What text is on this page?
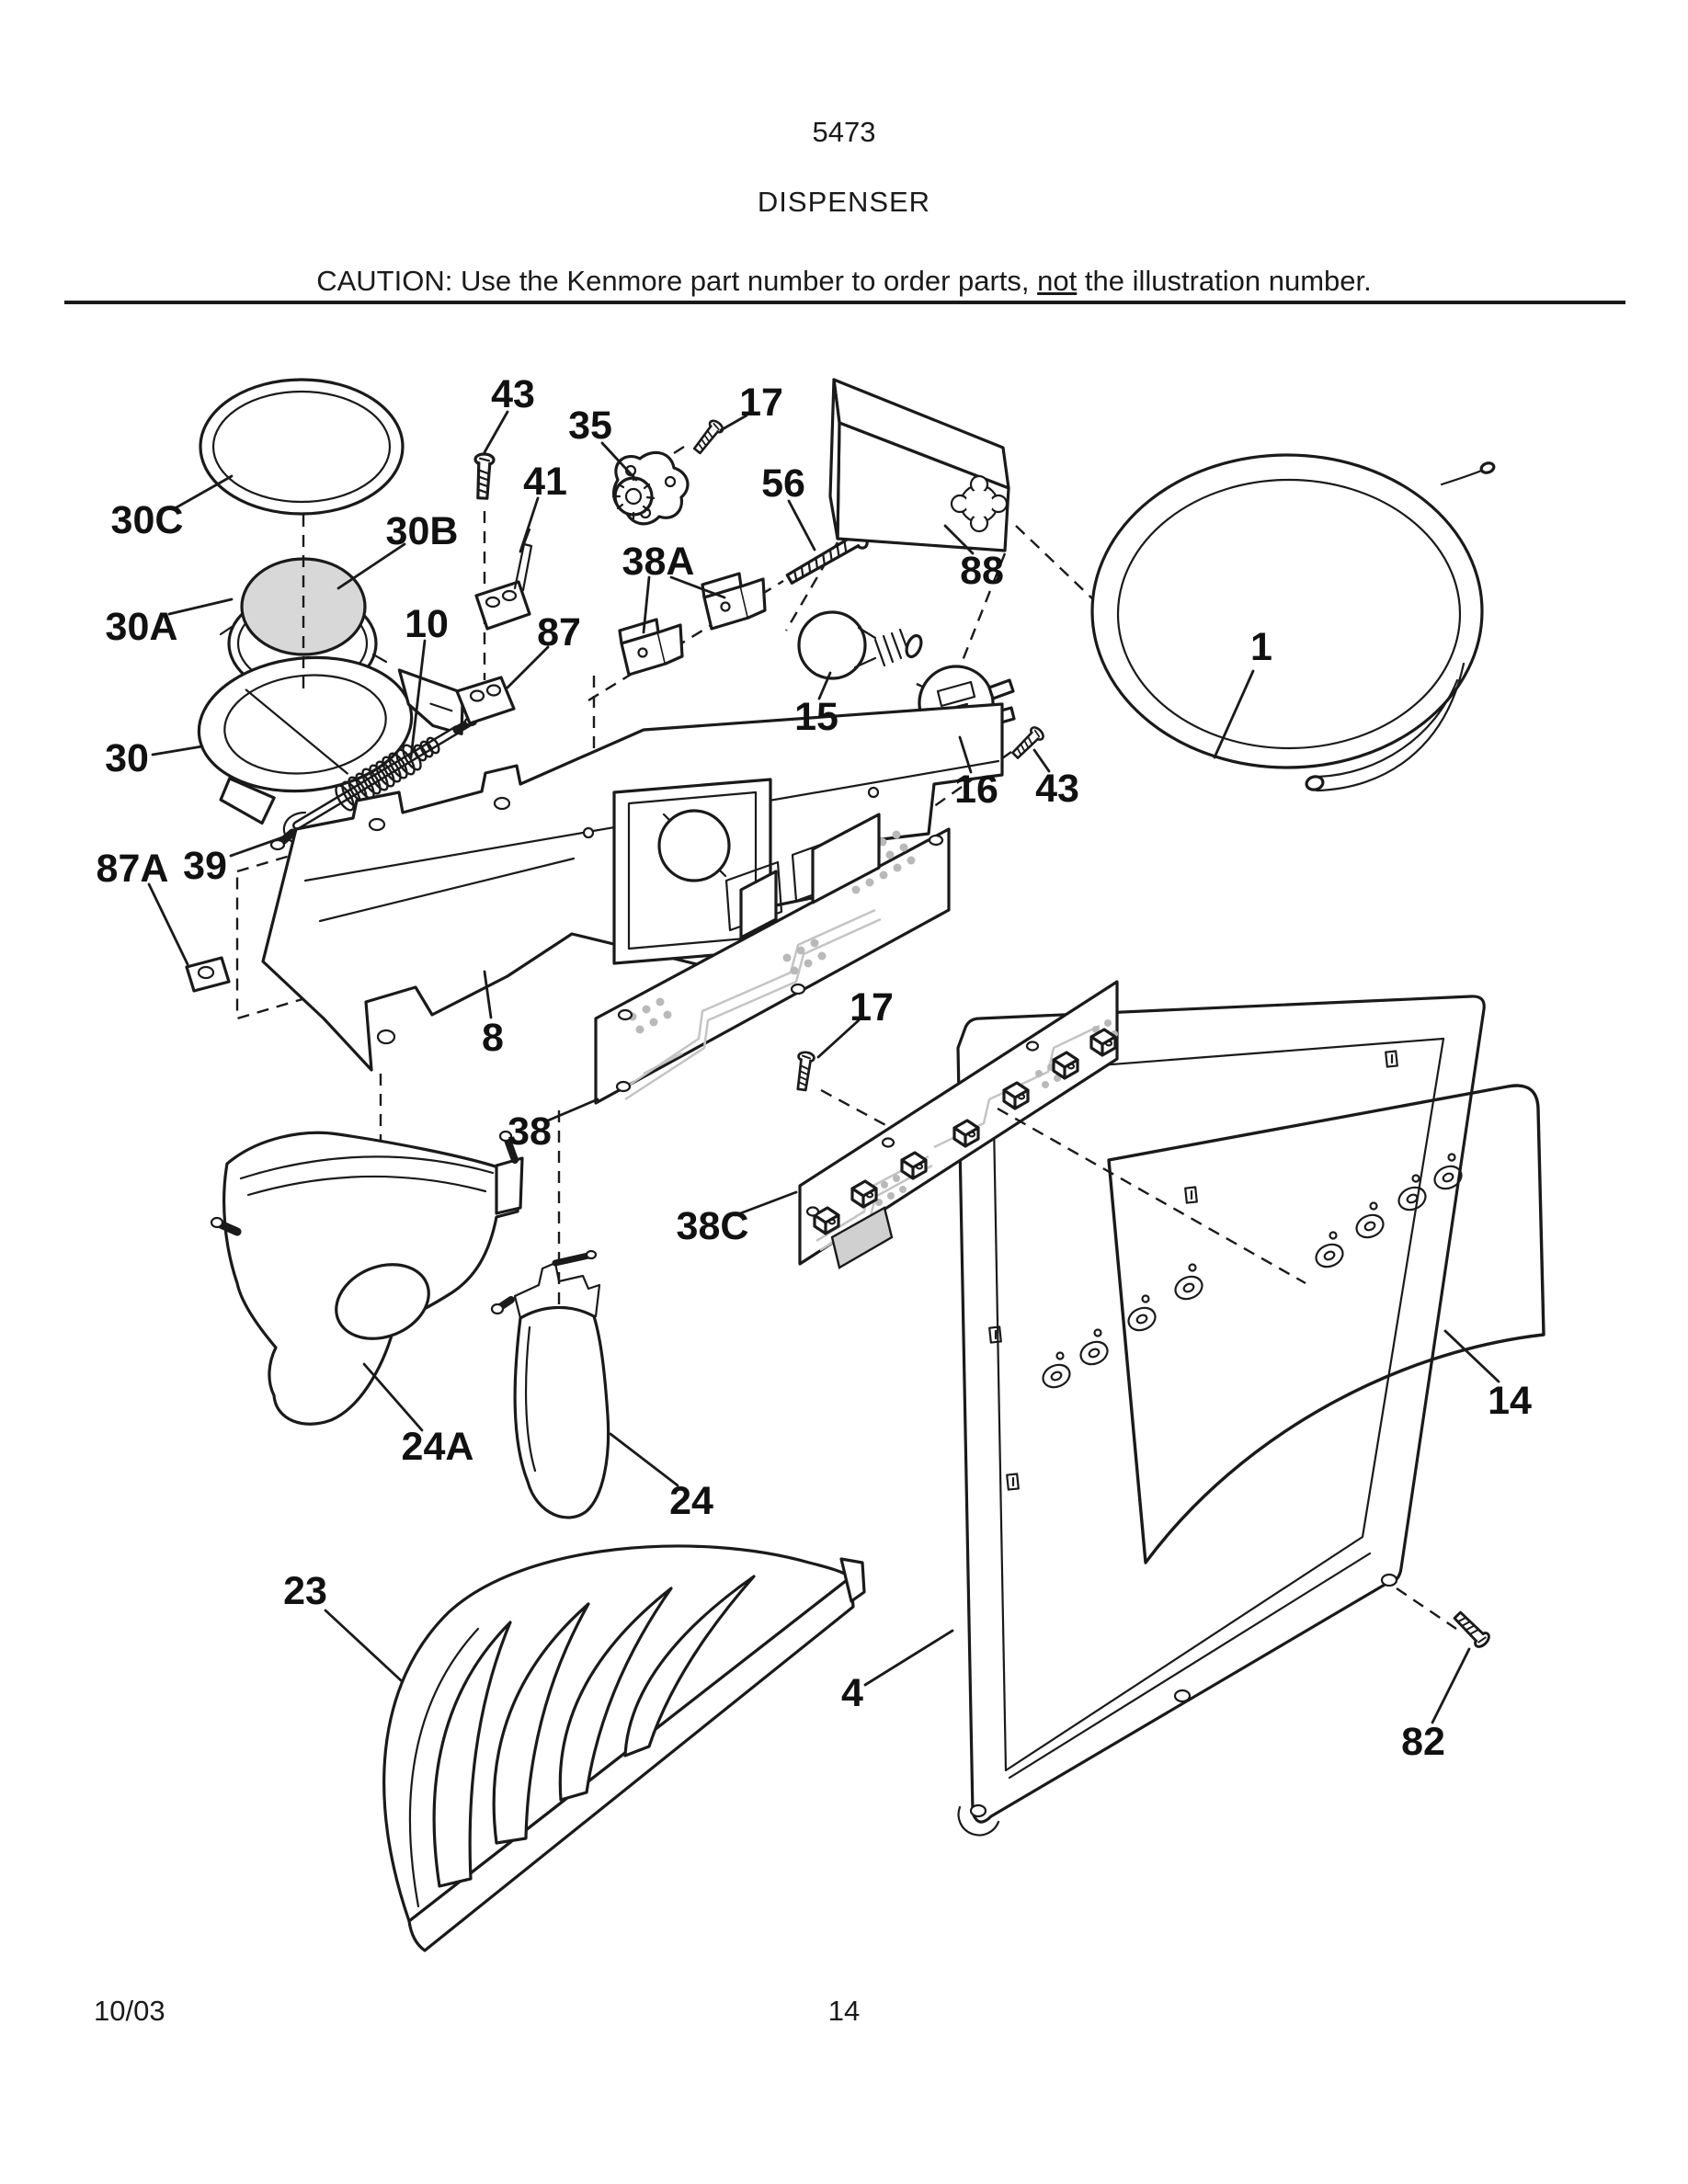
5473
DISPENSER
CAUTION: Use the Kenmore part number to order parts, not the illustration number.
43
35
17
56
88
1
30C	30B
41
38A
30A	10 87
15
16 43
30
39
87A
8
17
38
38C
24A
24
14
23
4
82
10/03	14
